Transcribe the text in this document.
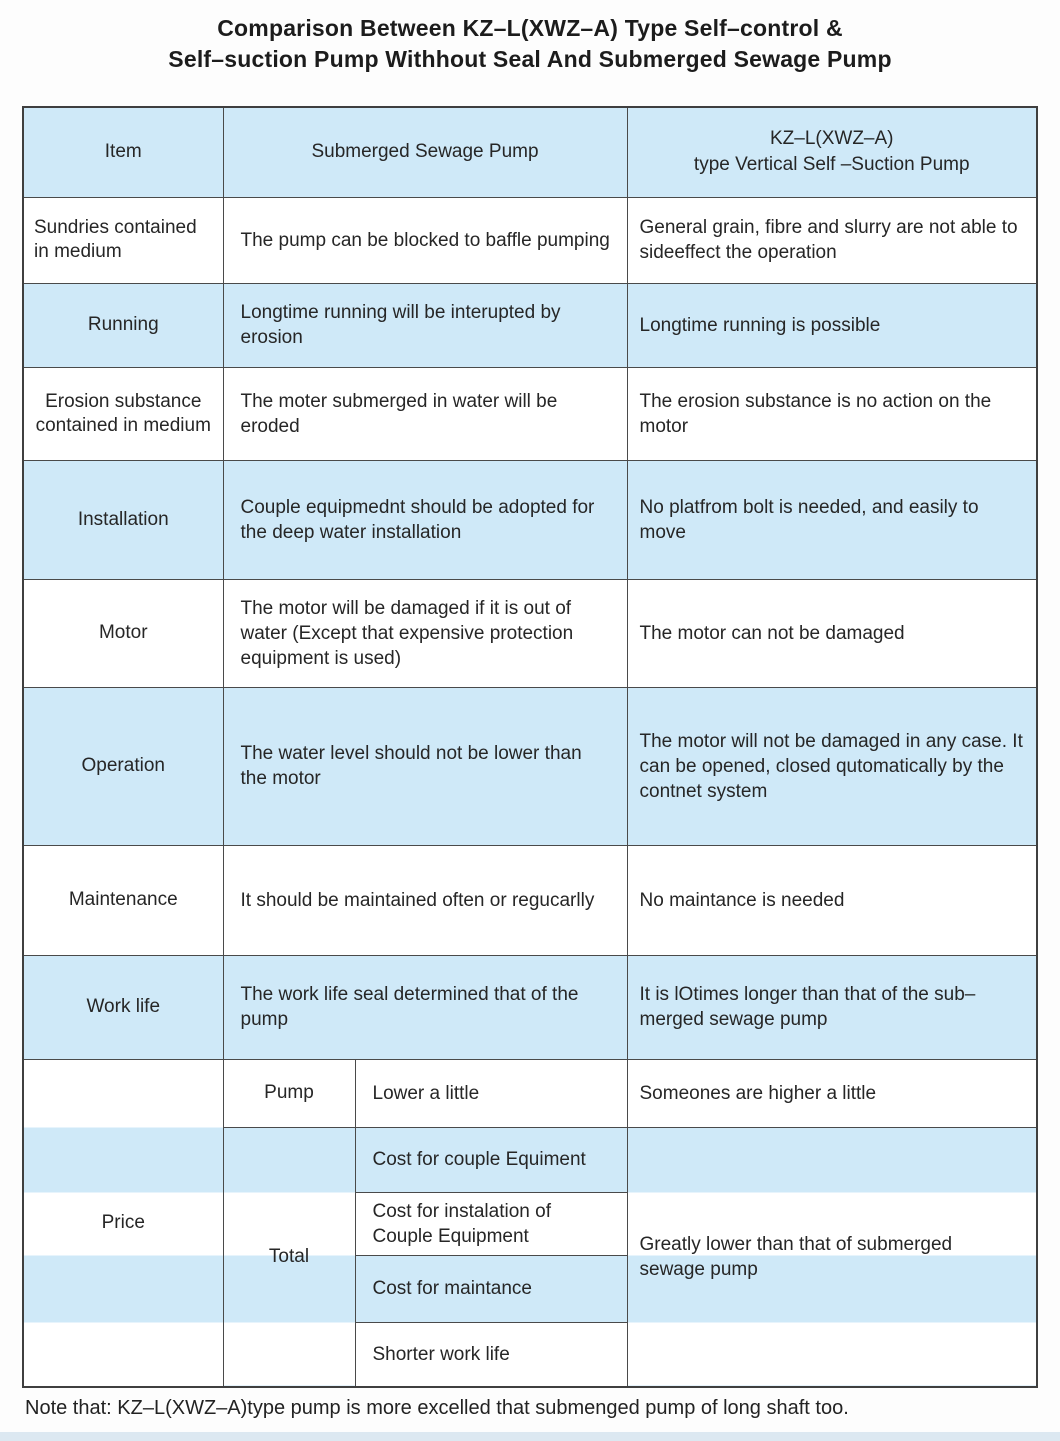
Comparison Between KZ–L(XWZ–A) Type Self–control &
Self–suction Pump Withhout Seal And Submerged Sewage Pump
Item	Submerged Sewage Pump		KZ–L(XWZ–A)
type Vertical Self –Suction Pump

Sundries contained in medium	The pump can be blocked to baffle pumping		General grain, fibre and slurry are not able to sideeffect the operation
Running	Longtime running will be interupted by erosion		Longtime running is possible
Erosion substance contained in medium	The moter submerged in water will be eroded		The erosion substance is no action on the motor
Installation	Couple equipmednt should be adopted for the deep water installation		No platfrom bolt is needed, and easily to move
Motor	The motor will be damaged if it is out of water (Except that expensive protection equipment is used)		The motor can not be damaged
Operation	The water level should not be lower than the motor		The motor will not be damaged in any case. It can be opened, closed qutomatically by the contnet system
Maintenance	It should be maintained often or regucarlly		No maintance is needed
Work life	The work life seal determined that of the pump		It is lOtimes longer than that of the sub–merged sewage pump
Price	Pump	Lower a little	Someones are higher a little
	Total	Cost for couple Equiment	Greatly lower than that of submerged sewage pump
		Cost for instalation of Couple Equipment	
		Cost for maintance	
		Shorter work life	
Note that: KZ–L(XWZ–A)type pump is more excelled that submenged pump of long shaft too.
